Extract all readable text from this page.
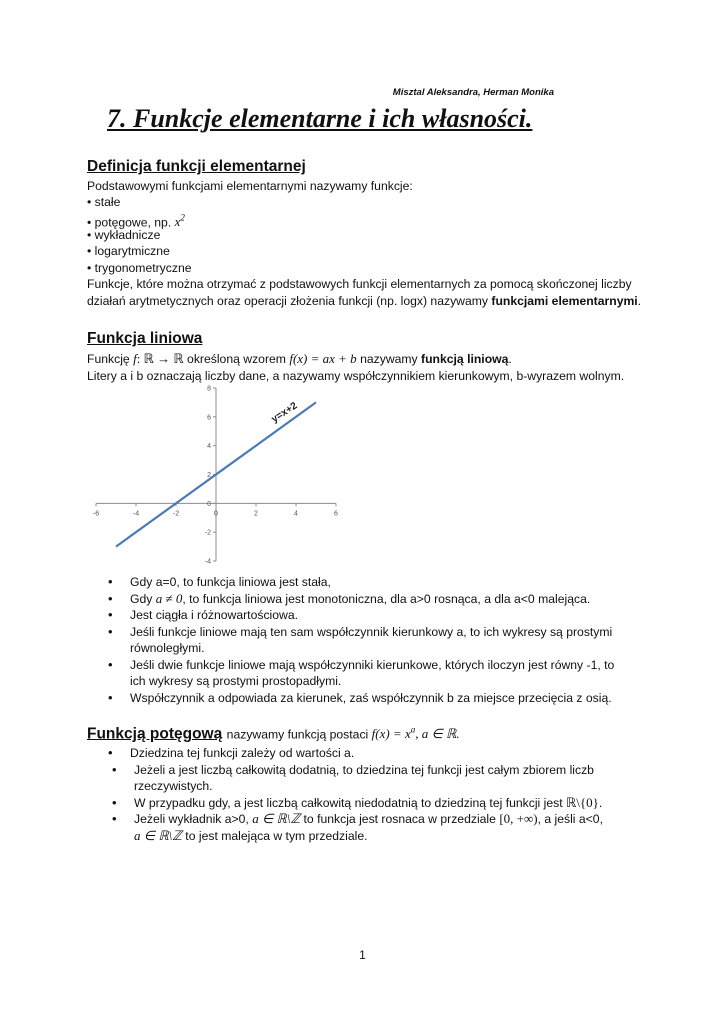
Misztal Aleksandra, Herman Monika
7. Funkcje elementarne i ich własności.
Definicja funkcji elementarnej
Podstawowymi funkcjami elementarnymi nazywamy funkcje:
• stałe
• potęgowe, np. $x^2$
• wykładnicze
• logarytmiczne
• trygonometryczne
Funkcje, które można otrzymać z podstawowych funkcji elementarnych za pomocą skończonej liczby
działań arytmetycznych oraz operacji złożenia funkcji (np. logx) nazywamy funkcjami elementarnymi.
Funkcja liniowa
Funkcję f: ℝ → ℝ określoną wzorem f(x) = ax + b nazywamy funkcją liniową.
Litery a i b oznaczają liczby dane, a nazywamy współczynnikiem kierunkowym, b-wyrazem wolnym.
-6	-4	-2	0	2	4	6
-4
-2
0
2
4
6
8
y=x+2
• Gdy a=0, to funkcja liniowa jest stała,
• Gdy a ≠ 0, to funkcja liniowa jest monotoniczna, dla a>0 rosnąca, a dla a<0 malejąca.
• Jest ciągła i różnowartościowa.
• Jeśli funkcje liniowe mają ten sam współczynnik kierunkowy a, to ich wykresy są prostymi
równoległymi.
• Jeśli dwie funkcje liniowe mają współczynniki kierunkowe, których iloczyn jest równy -1, to
ich wykresy są prostymi prostopadłymi.
• Współczynnik a odpowiada za kierunek, zaś współczynnik b za miejsce przecięcia z osią.
Funkcją potęgową nazywamy funkcją postaci $f(x) = x^a$, a ∈ ℝ.
• Dziedzina tej funkcji zależy od wartości a.
• Jeżeli a jest liczbą całkowitą dodatnią, to dziedzina tej funkcji jest całym zbiorem liczb
rzeczywistych.
• W przypadku gdy, a jest liczbą całkowitą niedodatnią to dziedziną tej funkcji jest ℝ\{0}.
• Jeżeli wykładnik a>0, a ∈ ℝ\ℤ to funkcja jest rosnaca w przedziale [0, +∞), a jeśli a<0,
a ∈ ℝ\ℤ to jest malejąca w tym przedziale.
1
